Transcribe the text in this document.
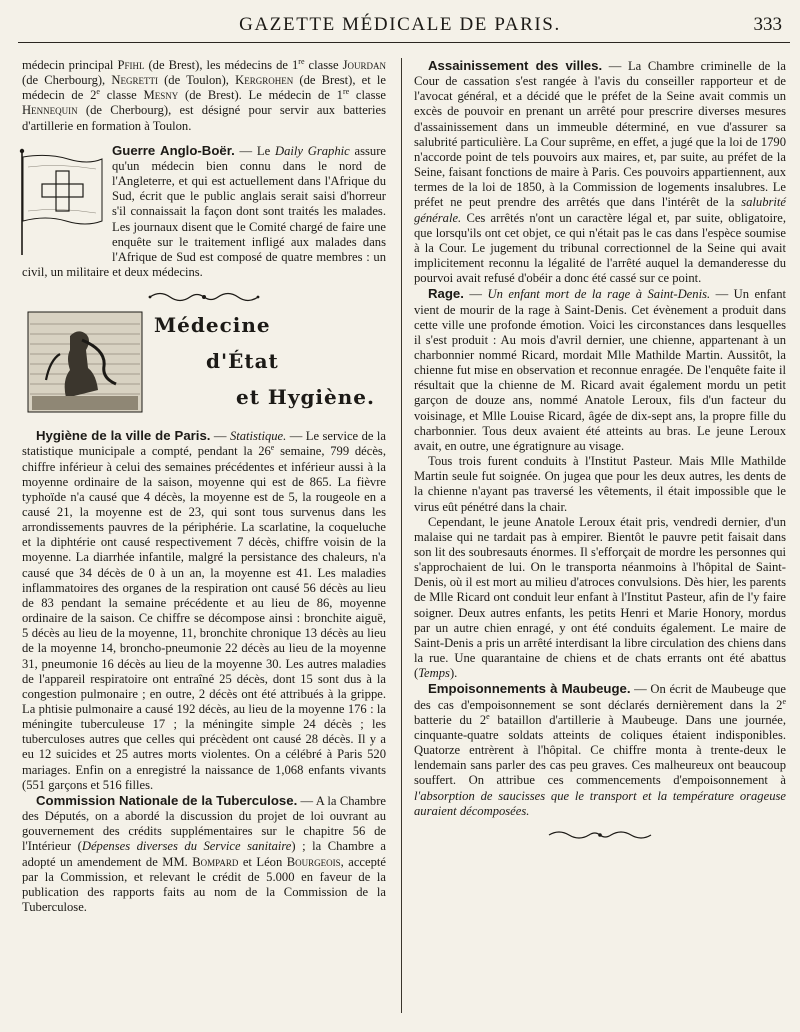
GAZETTE MÉDICALE DE PARIS.	333

médecin principal Pfihl (de Brest), les médecins de 1re classe Jourdan (de Cherbourg), Negretti (de Toulon), Kergrohen (de Brest), et le médecin de 2e classe Mesny (de Brest). Le médecin de 1re classe Hennequin (de Cherbourg), est désigné pour servir aux batteries d'artillerie en formation à Toulon.

Guerre Anglo-Boër. — Le Daily Graphic assure qu'un médecin bien connu dans le nord de l'Angleterre, et qui est actuellement dans l'Afrique du Sud, écrit que le public anglais serait saisi d'horreur s'il connaissait la façon dont sont traités les malades. Les journaux disent que le Comité chargé de faire une enquête sur le traitement infligé aux malades dans l'Afrique de Sud est composé de quatre membres : un civil, un militaire et deux médecins.

Médecine
d'État
et Hygiène.

Hygiène de la ville de Paris. — Statistique. — Le service de la statistique municipale a compté, pendant la 26e semaine, 799 décès, chiffre inférieur à celui des semaines précédentes et inférieur aussi à la moyenne ordinaire de la saison, moyenne qui est de 865. La fièvre typhoïde n'a causé que 4 décès, la moyenne est de 5, la rougeole en a causé 21, la moyenne est de 23, qui sont tous survenus dans les arrondissements pauvres de la périphérie. La scarlatine, la coqueluche et la diphtérie ont causé respectivement 7 décès, chiffre voisin de la moyenne. La diarrhée infantile, malgré la persistance des chaleurs, n'a causé que 34 décès de 0 à un an, la moyenne est 41. Les maladies inflammatoires des organes de la respiration ont causé 56 décès au lieu de 83 pendant la semaine précédente et au lieu de 86, moyenne ordinaire de la saison. Ce chiffre se décompose ainsi : bronchite aiguë, 5 décès au lieu de la moyenne, 11, bronchite chronique 13 décès au lieu de la moyenne 14, broncho-pneumonie 22 décès au lieu de la moyenne 31, pneumonie 16 décès au lieu de la moyenne 30. Les autres maladies de l'appareil respiratoire ont entraîné 25 décès, dont 15 sont dus à la congestion pulmonaire ; en outre, 2 décès ont été attribués à la grippe. La phtisie pulmonaire a causé 192 décès, au lieu de la moyenne 176 : la méningite tuberculeuse 17 ; la méningite simple 24 décès ; les tuberculoses autres que celles qui précèdent ont causé 28 décès. Il y a eu 12 suicides et 25 autres morts violentes. On a célébré à Paris 520 mariages. Enfin on a enregistré la naissance de 1,068 enfants vivants (551 garçons et 516 filles.

Commission Nationale de la Tuberculose. — A la Chambre des Députés, on a abordé la discussion du projet de loi ouvrant au gouvernement des crédits supplémentaires sur le chapitre 56 de l'Intérieur (Dépenses diverses du Service sanitaire) ; la Chambre a adopté un amendement de MM. Bompard et Léon Bourgeois, accepté par la Commission, et relevant le crédit de 5.000 en faveur de la publication des rapports faits au nom de la Commission de la Tuberculose.

Assainissement des villes. — La Chambre criminelle de la Cour de cassation s'est rangée à l'avis du conseiller rapporteur et de l'avocat général, et a décidé que le préfet de la Seine avait commis un excès de pouvoir en prenant un arrêté pour prescrire diverses mesures d'assainissement dans un immeuble déterminé, en vue d'assurer sa salubrité particulière. La Cour suprême, en effet, a jugé que la loi de 1790 n'accorde point de tels pouvoirs aux maires, et, par suite, au préfet de la Seine, faisant fonctions de maire à Paris. Ces pouvoirs appartiennent, aux termes de la loi de 1850, à la Commission de logements insalubres. Le préfet ne peut prendre des arrêtés que dans l'intérêt de la salubrité générale. Ces arrêtés n'ont un caractère légal et, par suite, obligatoire, que lorsqu'ils ont cet objet, ce qui n'était pas le cas dans l'espèce soumise à la Cour. Le jugement du tribunal correctionnel de la Seine qui avait implicitement reconnu la légalité de l'arrêté auquel la demanderesse du pourvoi avait refusé d'obéir a donc été cassé sur ce point.

Rage. — Un enfant mort de la rage à Saint-Denis. — Un enfant vient de mourir de la rage à Saint-Denis. Cet évènement a produit dans cette ville une profonde émotion. Voici les circonstances dans lesquelles il s'est produit : Au mois d'avril dernier, une chienne, appartenant à un charbonnier nommé Ricard, mordait Mlle Mathilde Martin. Aussitôt, la chienne fut mise en observation et reconnue enragée. De l'enquête faite il résultait que la chienne de M. Ricard avait également mordu un petit garçon de douze ans, nommé Anatole Leroux, fils d'un facteur du voisinage, et Mlle Louise Ricard, âgée de dix-sept ans, la propre fille du charbonnier. Tous deux avaient été atteints au bras. Le jeune Leroux avait, en outre, une égratignure au visage.

Tous trois furent conduits à l'Institut Pasteur. Mais Mlle Mathilde Martin seule fut soignée. On jugea que pour les deux autres, les dents de la chienne n'ayant pas traversé les vêtements, il était impossible que le virus eût pénétré dans la chair.

Cependant, le jeune Anatole Leroux était pris, vendredi dernier, d'un malaise qui ne tardait pas à empirer. Bientôt le pauvre petit faisait dans son lit des soubresauts énormes. Il s'efforçait de mordre les personnes qui s'approchaient de lui. On le transporta néanmoins à l'hôpital de Saint-Denis, où il est mort au milieu d'atroces convulsions. Dès hier, les parents de Mlle Ricard ont conduit leur enfant à l'Institut Pasteur, afin de l'y faire soigner. Deux autres enfants, les petits Henri et Marie Honory, mordus par un autre chien enragé, y ont été conduits également. Le maire de Saint-Denis a pris un arrêté interdisant la libre circulation des chiens dans la rue. Une quarantaine de chiens et de chats errants ont été abattus (Temps).

Empoisonnements à Maubeuge. — On écrit de Maubeuge que des cas d'empoisonnement se sont déclarés dernièrement dans la 2e batterie du 2e bataillon d'artillerie à Maubeuge. Dans une journée, cinquante-quatre soldats atteints de coliques étaient indisponibles. Quatorze entrèrent à l'hôpital. Ce chiffre monta à trente-deux le lendemain sans parler des cas peu graves. Ces malheureux ont beaucoup souffert. On attribue ces commencements d'empoisonnement à l'absorption de saucisses que le transport et la température orageuse auraient décomposées.
